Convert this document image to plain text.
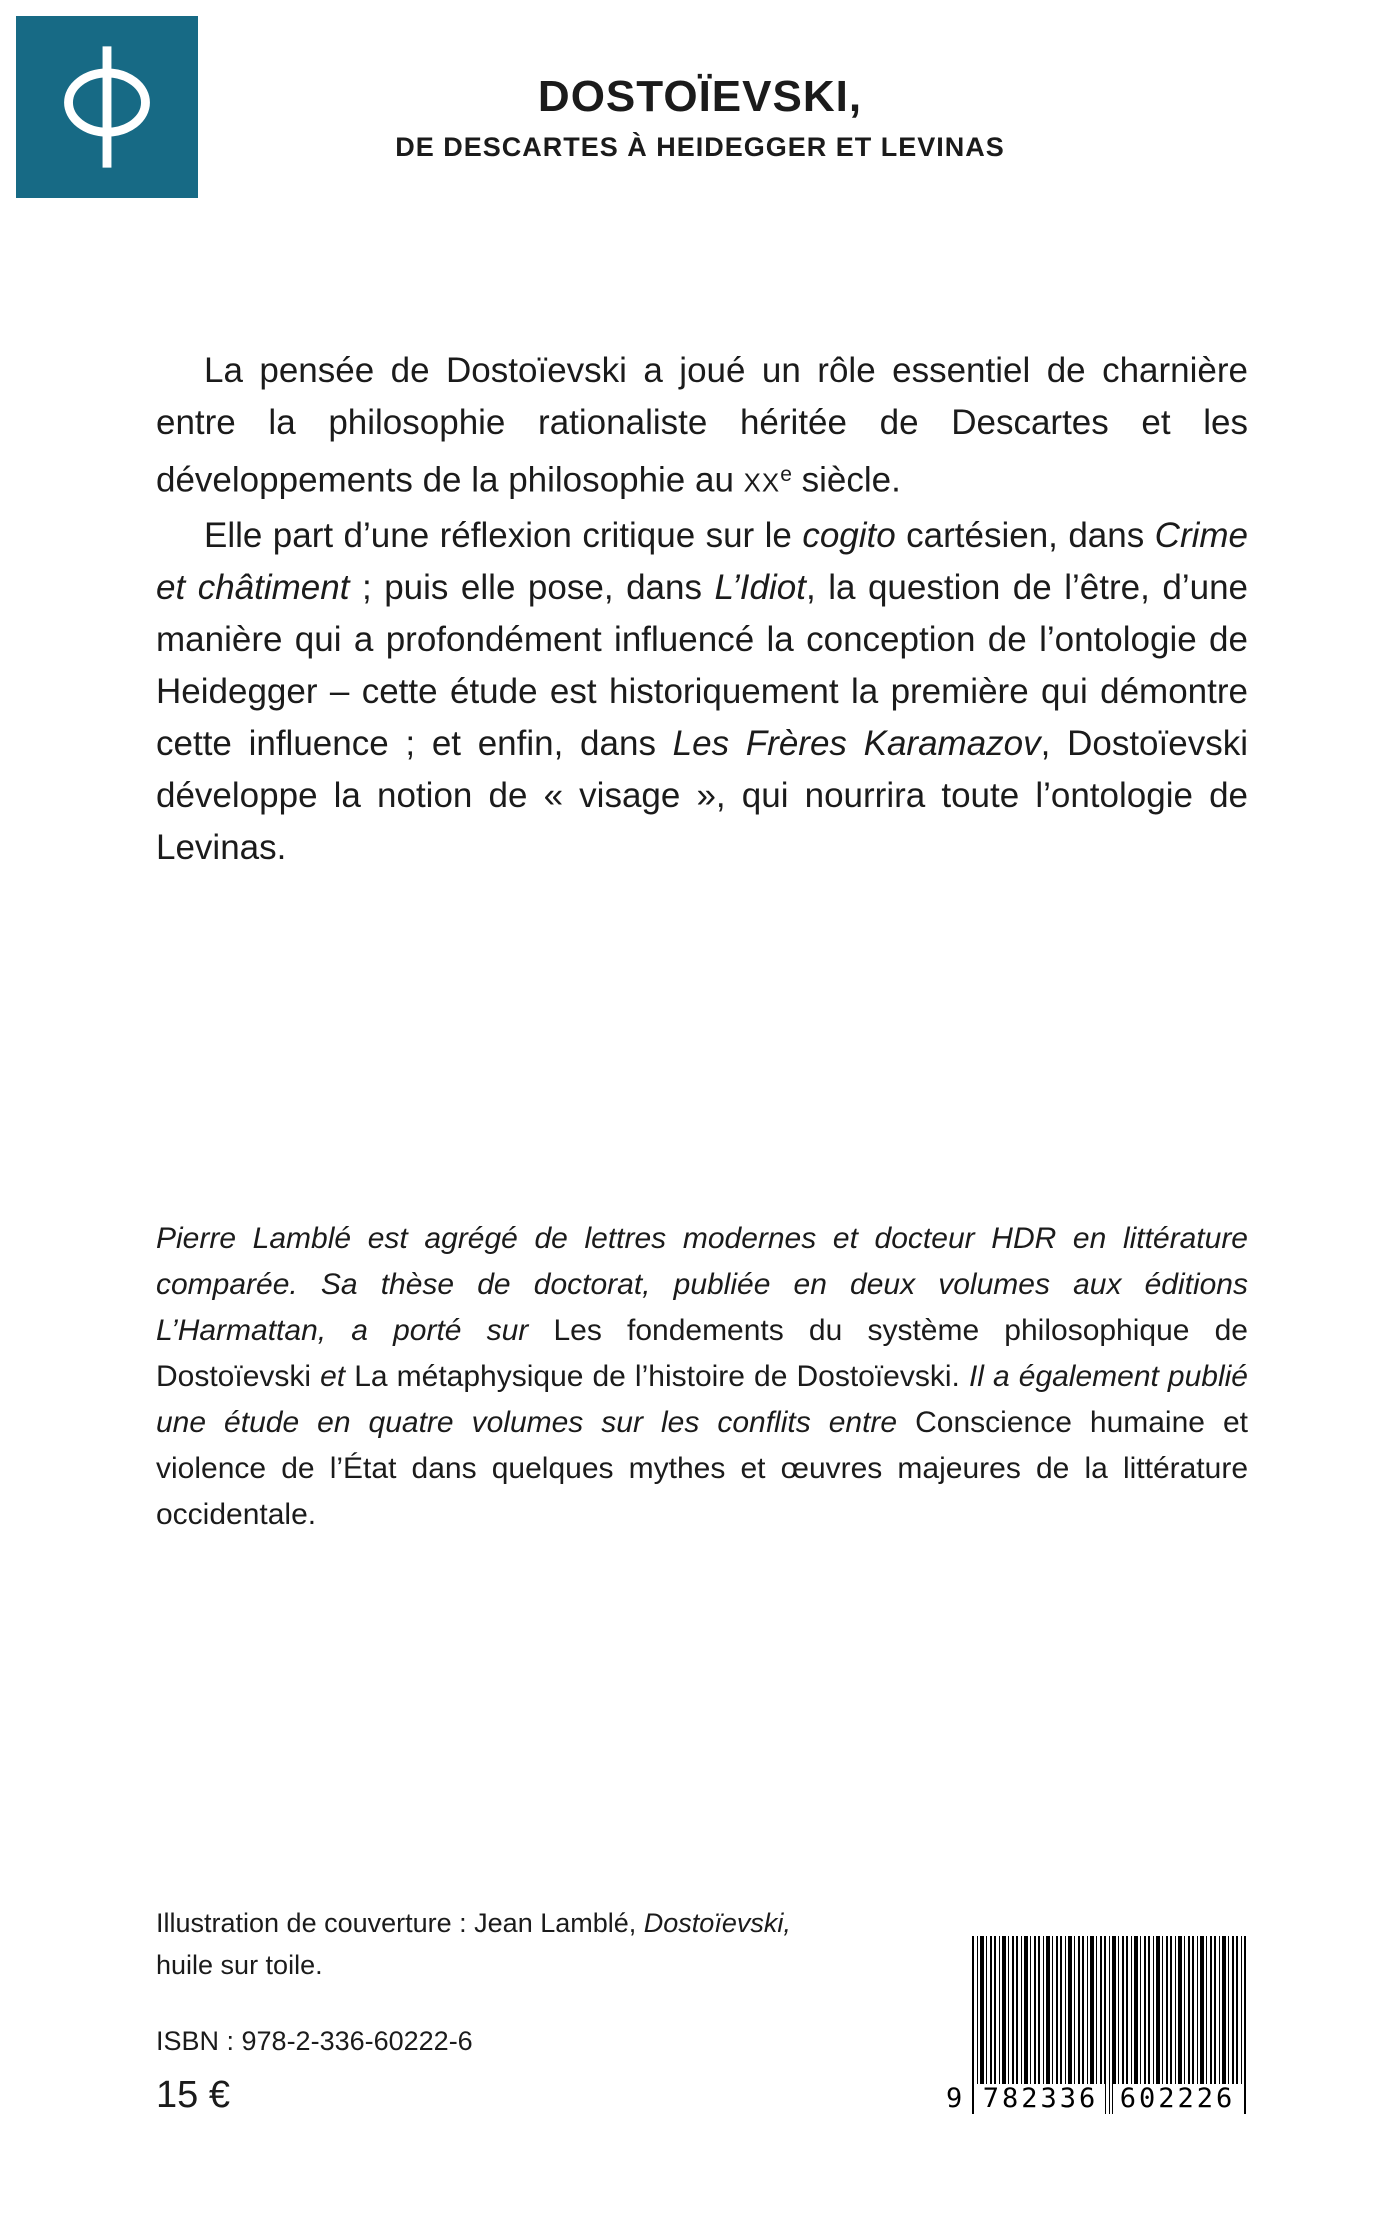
DOSTOÏEVSKI,
DE DESCARTES À HEIDEGGER ET LEVINAS

La pensée de Dostoïevski a joué un rôle essentiel de charnière entre la philosophie rationaliste héritée de Descartes et les développements de la philosophie au XXe siècle.

Elle part d’une réflexion critique sur le cogito cartésien, dans Crime et châtiment ; puis elle pose, dans L’Idiot, la question de l’être, d’une manière qui a profondément influencé la conception de l’ontologie de Heidegger – cette étude est historiquement la première qui démontre cette influence ; et enfin, dans Les Frères Karamazov, Dostoïevski développe la notion de « visage », qui nourrira toute l’ontologie de Levinas.

Pierre Lamblé est agrégé de lettres modernes et docteur HDR en littérature comparée. Sa thèse de doctorat, publiée en deux volumes aux éditions L’Harmattan, a porté sur Les fondements du système philosophique de Dostoïevski et La métaphysique de l’histoire de Dostoïevski. Il a également publié une étude en quatre volumes sur les conflits entre Conscience humaine et violence de l’État dans quelques mythes et œuvres majeures de la littérature occidentale.

Illustration de couverture : Jean Lamblé, Dostoïevski,

huile sur toile.

ISBN : 978-2-336-60222-6
15 €	9 782336 602226
